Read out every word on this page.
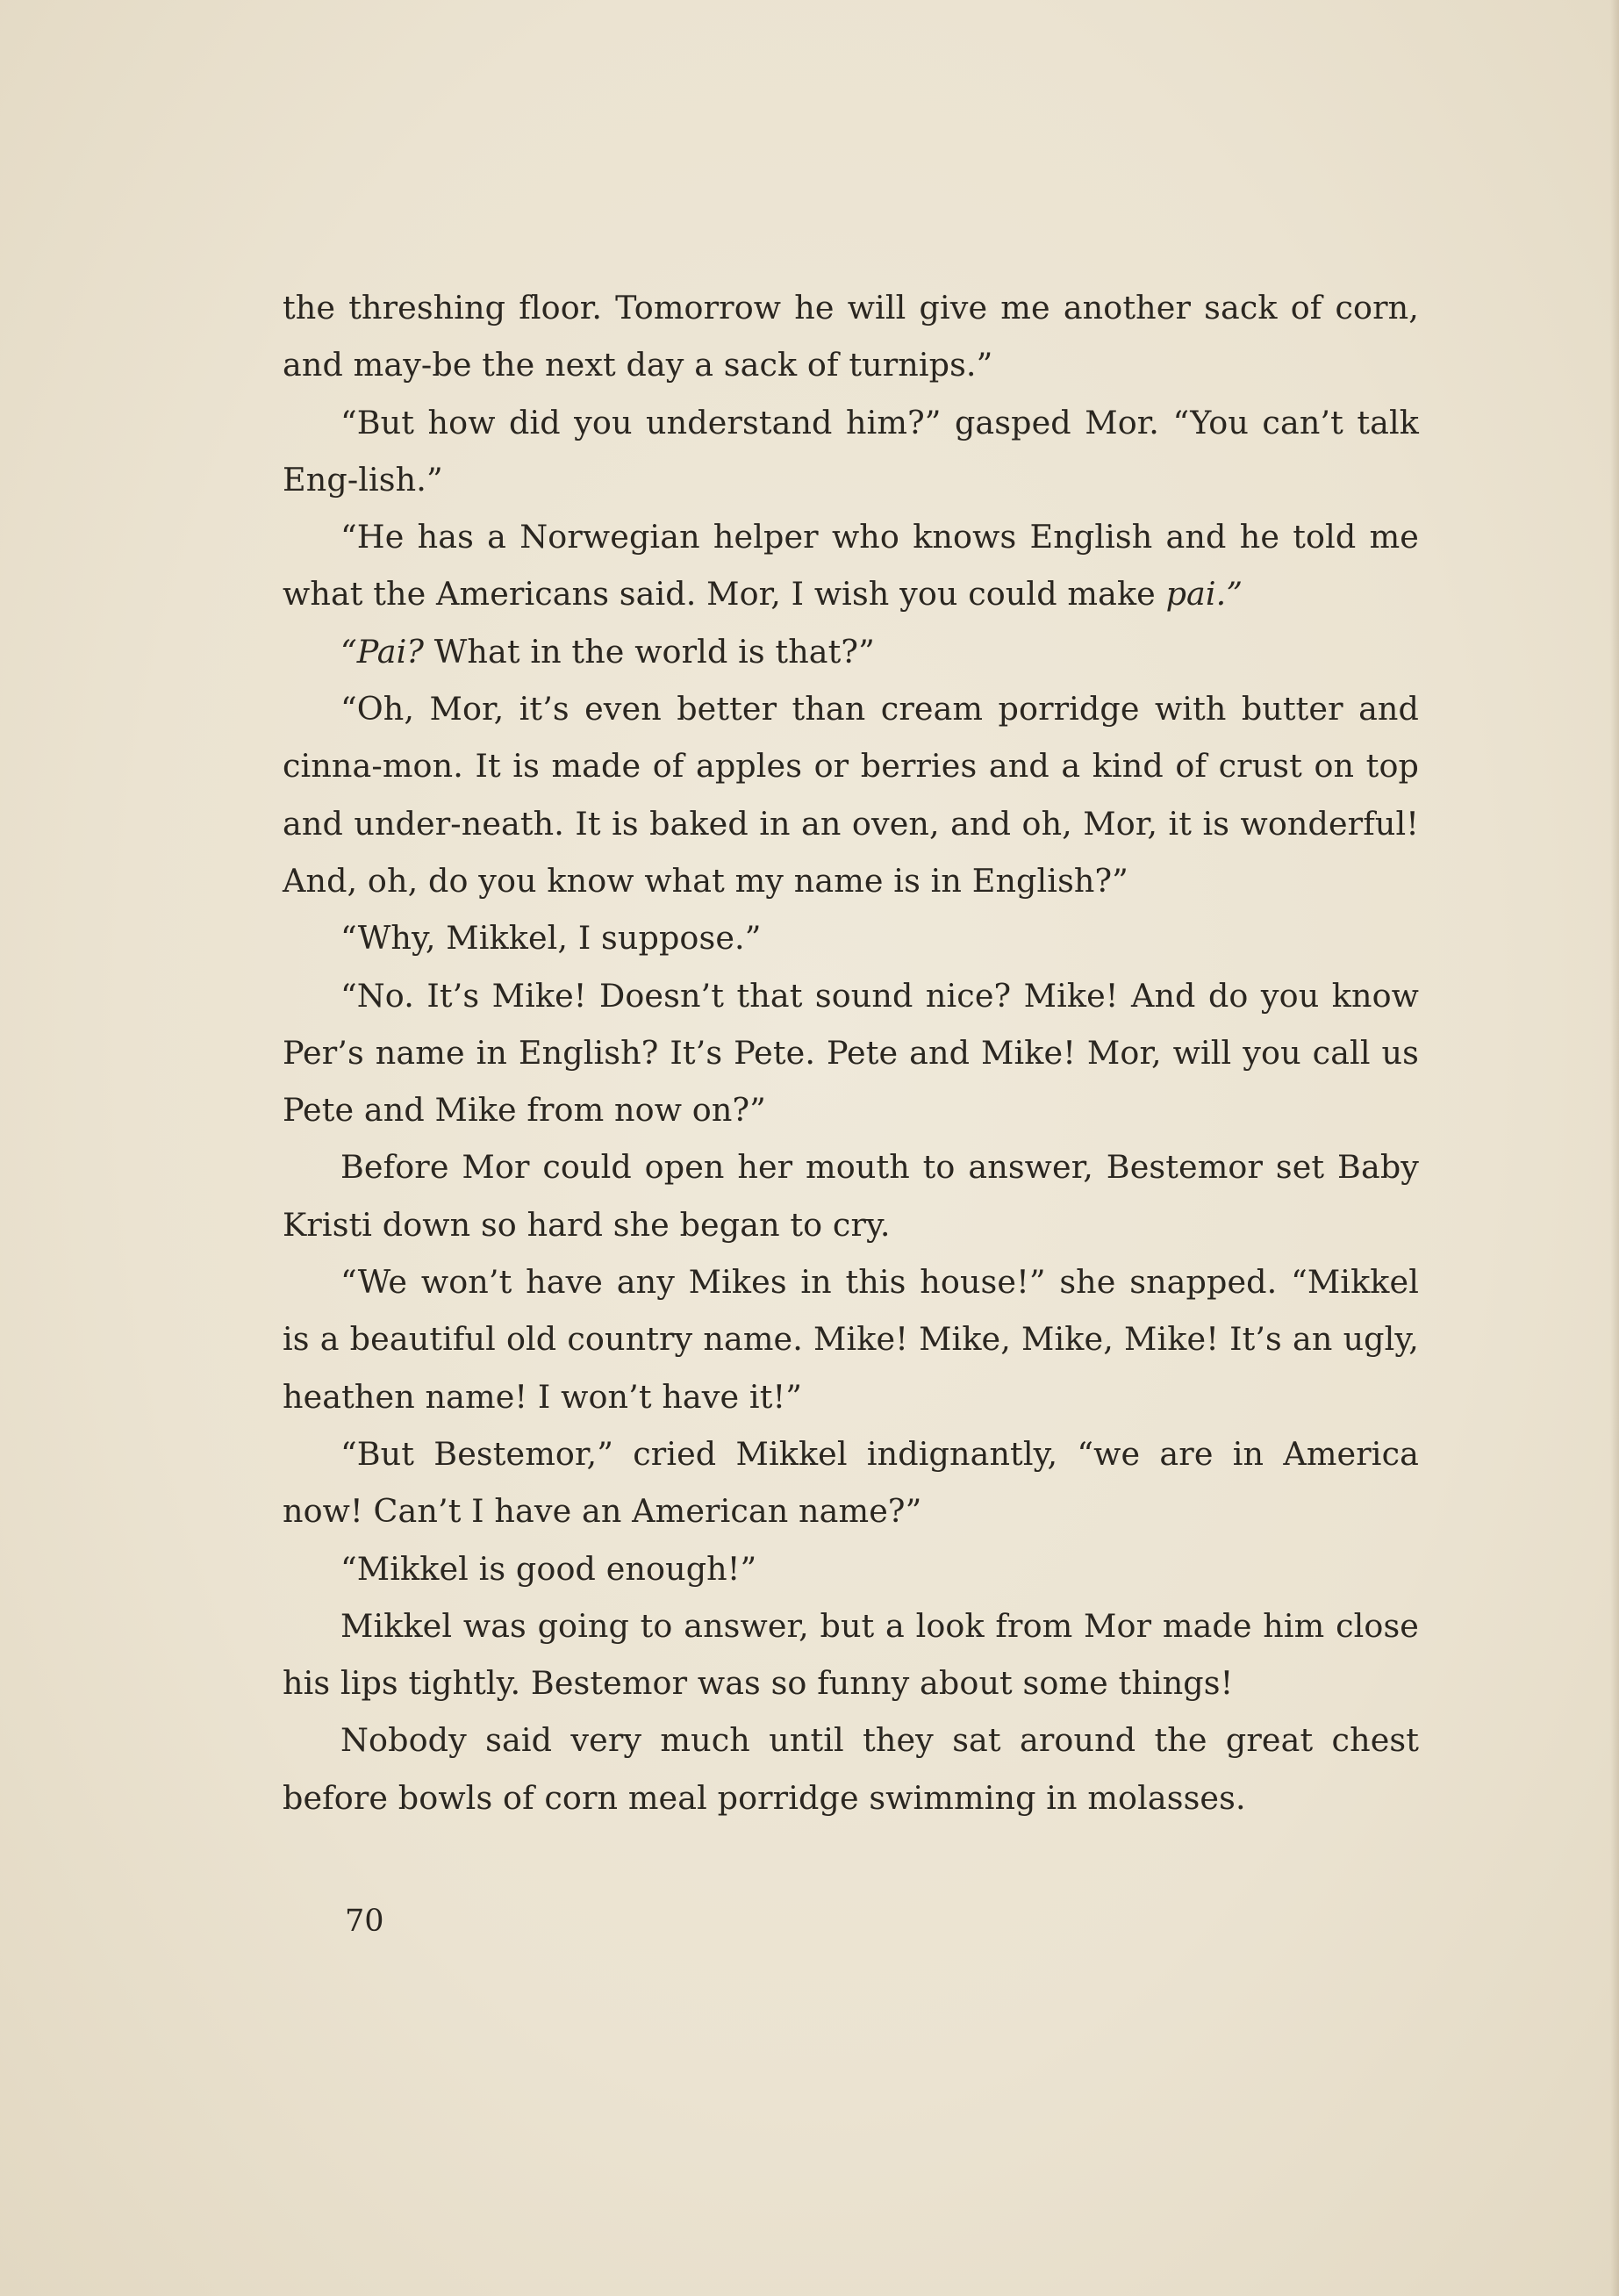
the threshing floor. Tomorrow he will give me another sack of corn, and may-be the next day a sack of turnips.”

“But how did you understand him?” gasped Mor. “You can’t talk Eng-lish.”

“He has a Norwegian helper who knows English and he told me what the Americans said. Mor, I wish you could make pai.”

“Pai? What in the world is that?”

“Oh, Mor, it’s even better than cream porridge with butter and cinna-mon. It is made of apples or berries and a kind of crust on top and under-neath. It is baked in an oven, and oh, Mor, it is wonderful! And, oh, do you know what my name is in English?”

“Why, Mikkel, I suppose.”

“No. It’s Mike! Doesn’t that sound nice? Mike! And do you know Per’s name in English? It’s Pete. Pete and Mike! Mor, will you call us Pete and Mike from now on?”

Before Mor could open her mouth to answer, Bestemor set Baby Kristi down so hard she began to cry.

“We won’t have any Mikes in this house!” she snapped. “Mikkel is a beautiful old country name. Mike! Mike, Mike, Mike! It’s an ugly, heathen name! I won’t have it!”

“But Bestemor,” cried Mikkel indignantly, “we are in America now! Can’t I have an American name?”

“Mikkel is good enough!”

Mikkel was going to answer, but a look from Mor made him close his lips tightly. Bestemor was so funny about some things!

Nobody said very much until they sat around the great chest before bowls of corn meal porridge swimming in molasses.

70
